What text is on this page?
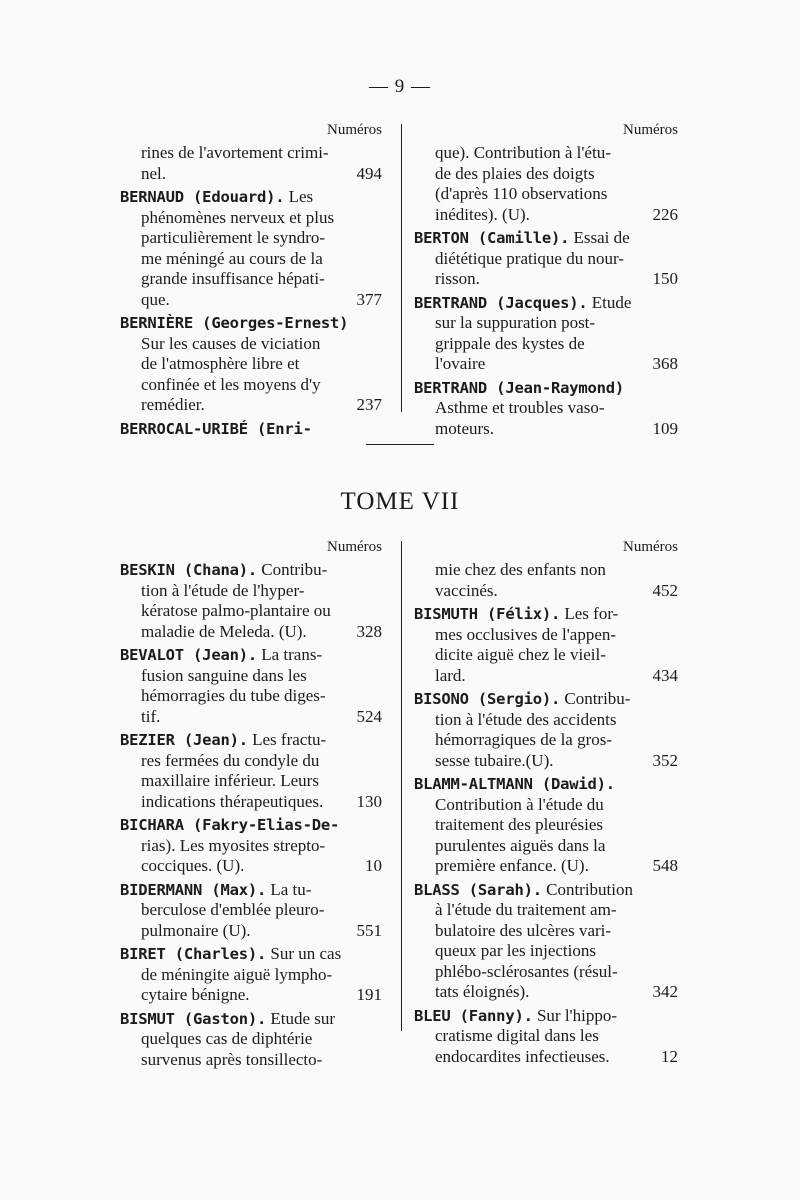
— 9 —
Numéros
rines de l'avortement crimi-
nel.	494
BERNAUD (Edouard). Les
phénomènes nerveux et plus
particulièrement le syndro-
me méningé au cours de la
grande insuffisance hépati-
que.	377
BERNIÈRE (Georges-Ernest)
Sur les causes de viciation
de l'atmosphère libre et
confinée et les moyens d'y
remédier.	237
BERROCAL-URIBÉ (Enri-
Numéros
que). Contribution à l'étu-
de des plaies des doigts
(d'après 110 observations
inédites). (U).	226
BERTON (Camille). Essai de
diététique pratique du nour-
risson.	150
BERTRAND (Jacques). Etude
sur la suppuration post-
grippale des kystes de
l'ovaire	368
BERTRAND (Jean-Raymond)
Asthme et troubles vaso-
moteurs.	109
TOME VII
Numéros
BESKIN (Chana). Contribu-
tion à l'étude de l'hyper-
kératose palmo-plantaire ou
maladie de Meleda. (U).	328
BEVALOT (Jean). La trans-
fusion sanguine dans les
hémorragies du tube diges-
tif.	524
BEZIER (Jean). Les fractu-
res fermées du condyle du
maxillaire inférieur. Leurs
indications thérapeutiques. 130
BICHARA (Fakry-Elias-De-
rias). Les myosites strepto-
cocciques. (U).	10
BIDERMANN (Max). La tu-
berculose d'emblée pleuro-
pulmonaire (U).	551
BIRET (Charles). Sur un cas
de méningite aiguë lympho-
cytaire bénigne.	191
BISMUT (Gaston). Etude sur
quelques cas de diphtérie
survenus après tonsillecto-
Numéros
mie chez des enfants non
vaccinés.	452
BISMUTH (Félix). Les for-
mes occlusives de l'appen-
dicite aiguë chez le vieil-
lard.	434
BISONO (Sergio). Contribu-
tion à l'étude des accidents
hémorragiques de la gros-
sesse tubaire.(U).	352
BLAMM-ALTMANN (Dawid).
Contribution à l'étude du
traitement des pleurésies
purulentes aiguës dans la
première enfance. (U).	548
BLASS (Sarah). Contribution
à l'étude du traitement am-
bulatoire des ulcères vari-
queux par les injections
phlébo-sclérosantes (résul-
tats éloignés).	342
BLEU (Fanny). Sur l'hippo-
cratisme digital dans les
endocardites infectieuses.	12
